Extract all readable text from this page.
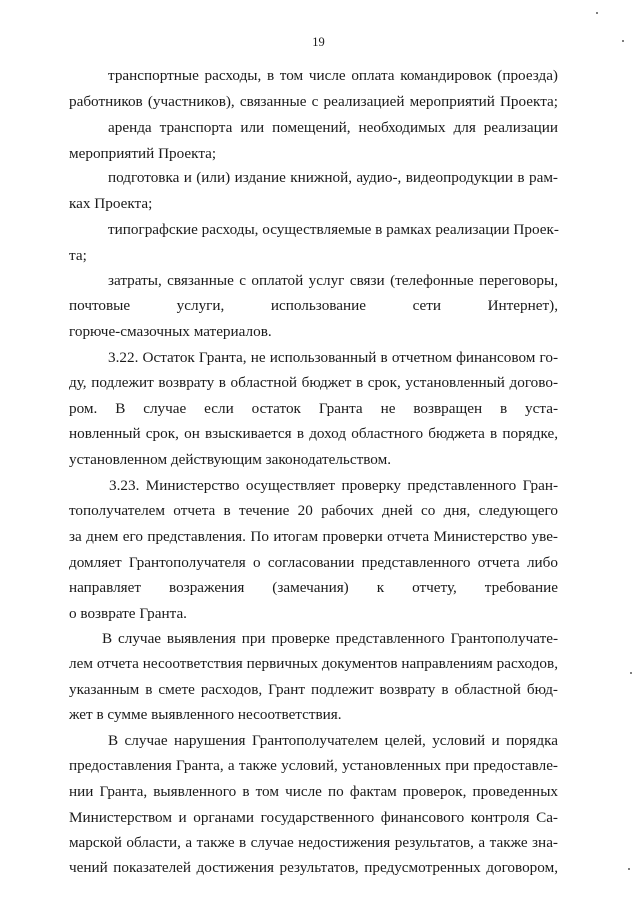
19
транспортные расходы, в том числе оплата командировок (проезда)
работников (участников), связанные с реализацией мероприятий Проекта;
аренда транспорта или помещений, необходимых для реализации
мероприятий Проекта;
подготовка и (или) издание книжной, аудио-, видеопродукции в рам-
ках Проекта;
типографские расходы, осуществляемые в рамках реализации Проек-
та;
затраты, связанные с оплатой услуг связи (телефонные переговоры,
почтовые услуги, использование сети Интернет),
горюче-смазочных материалов.
3.22. Остаток Гранта, не использованный в отчетном финансовом го-
ду, подлежит возврату в областной бюджет в срок, установленный догово-
ром. В случае если остаток Гранта не возвращен в уста-
новленный срок, он взыскивается в доход областного бюджета в порядке,
установленном действующим законодательством.
3.23. Министерство осуществляет проверку представленного Гран-
тополучателем отчета в течение 20 рабочих дней со дня, следующего
за днем его представления. По итогам проверки отчета Министерство уве-
домляет Грантополучателя о согласовании представленного отчета либо
направляет возражения (замечания) к отчету, требование
о возврате Гранта.
В случае выявления при проверке представленного Грантополучате-
лем отчета несоответствия первичных документов направлениям расходов,
указанным в смете расходов, Грант подлежит возврату в областной бюд-
жет в сумме выявленного несоответствия.
В случае нарушения Грантополучателем целей, условий и порядка
предоставления Гранта, а также условий, установленных при предоставле-
нии Гранта, выявленного в том числе по фактам проверок, проведенных
Министерством и органами государственного финансового контроля Са-
марской области, а также в случае недостижения результатов, а также зна-
чений показателей достижения результатов, предусмотренных договором,
